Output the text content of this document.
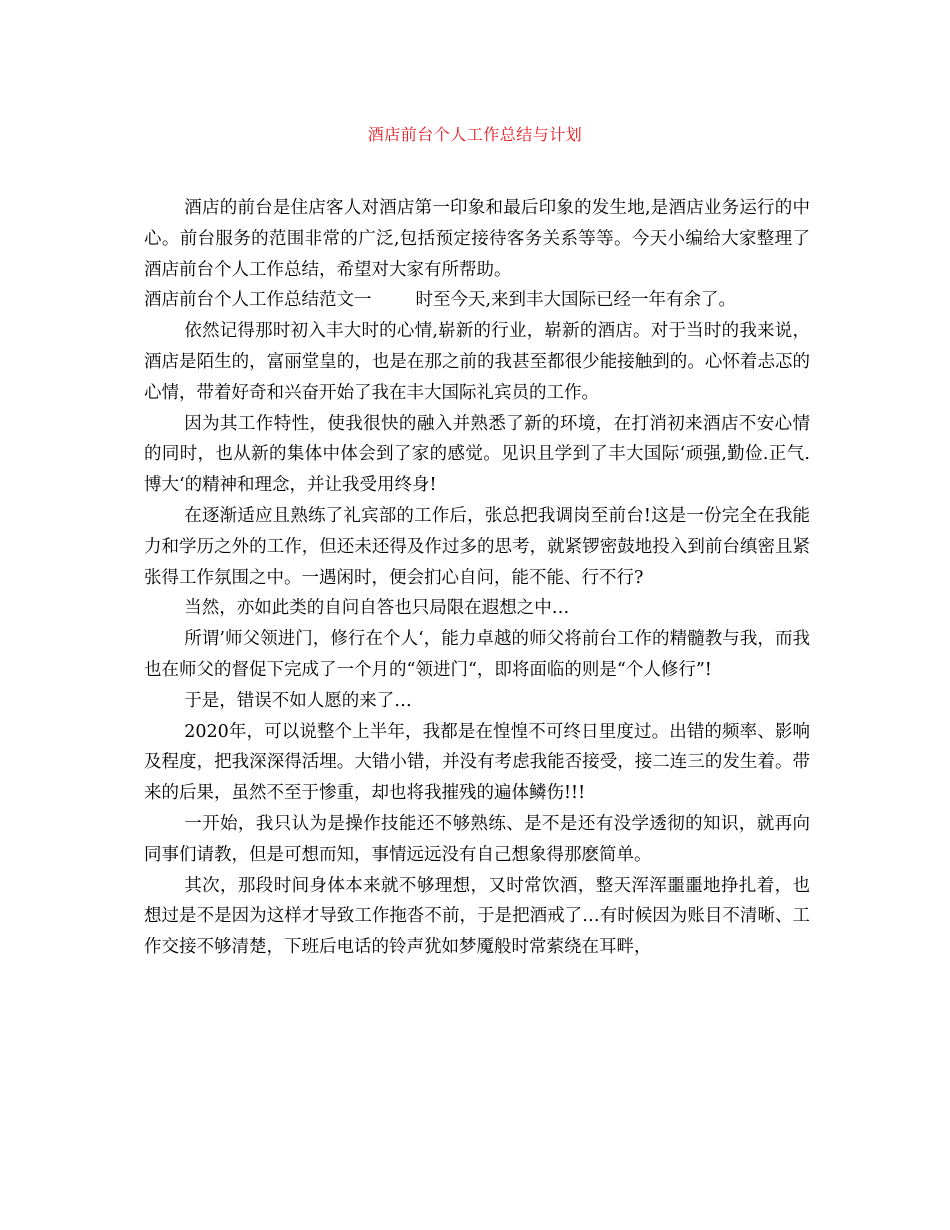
酒店前台个人工作总结与计划

酒店的前台是住店客人对酒店第一印象和最后印象的发生地,是酒店业务运行的中心。前台服务的范围非常的广泛,包括预定接待客务关系等等。今天小编给大家整理了酒店前台个人工作总结，希望对大家有所帮助。

酒店前台个人工作总结范文一	时至今天,来到丰大国际已经一年有余了。

依然记得那时初入丰大时的心情,崭新的行业，崭新的酒店。对于当时的我来说，酒店是陌生的，富丽堂皇的，也是在那之前的我甚至都很少能接触到的。心怀着忐忑的心情，带着好奇和兴奋开始了我在丰大国际礼宾员的工作。

因为其工作特性，使我很快的融入并熟悉了新的环境，在打消初来酒店不安心情的同时，也从新的集体中体会到了家的感觉。见识且学到了丰大国际‘顽强,勤俭.正气.博大‘的精神和理念，并让我受用终身!

在逐渐适应且熟练了礼宾部的工作后，张总把我调岗至前台!这是一份完全在我能力和学历之外的工作，但还未还得及作过多的思考，就紧锣密鼓地投入到前台缜密且紧张得工作氛围之中。一遇闲时，便会扪心自问，能不能、行不行?

当然，亦如此类的自问自答也只局限在遐想之中…

所谓’师父领进门，修行在个人‘，能力卓越的师父将前台工作的精髓教与我，而我也在师父的督促下完成了一个月的“领进门“，即将面临的则是“个人修行”!

于是，错误不如人愿的来了…

2020年，可以说整个上半年，我都是在惶惶不可终日里度过。出错的频率、影响及程度，把我深深得活埋。大错小错，并没有考虑我能否接受，接二连三的发生着。带来的后果，虽然不至于惨重，却也将我摧残的遍体鳞伤!!!

一开始，我只认为是操作技能还不够熟练、是不是还有没学透彻的知识，就再向同事们请教，但是可想而知，事情远远没有自己想象得那麽简单。

其次，那段时间身体本来就不够理想，又时常饮酒，整天浑浑噩噩地挣扎着，也想过是不是因为这样才导致工作拖沓不前，于是把酒戒了…有时候因为账目不清晰、工作交接不够清楚，下班后电话的铃声犹如梦魇般时常萦绕在耳畔，
